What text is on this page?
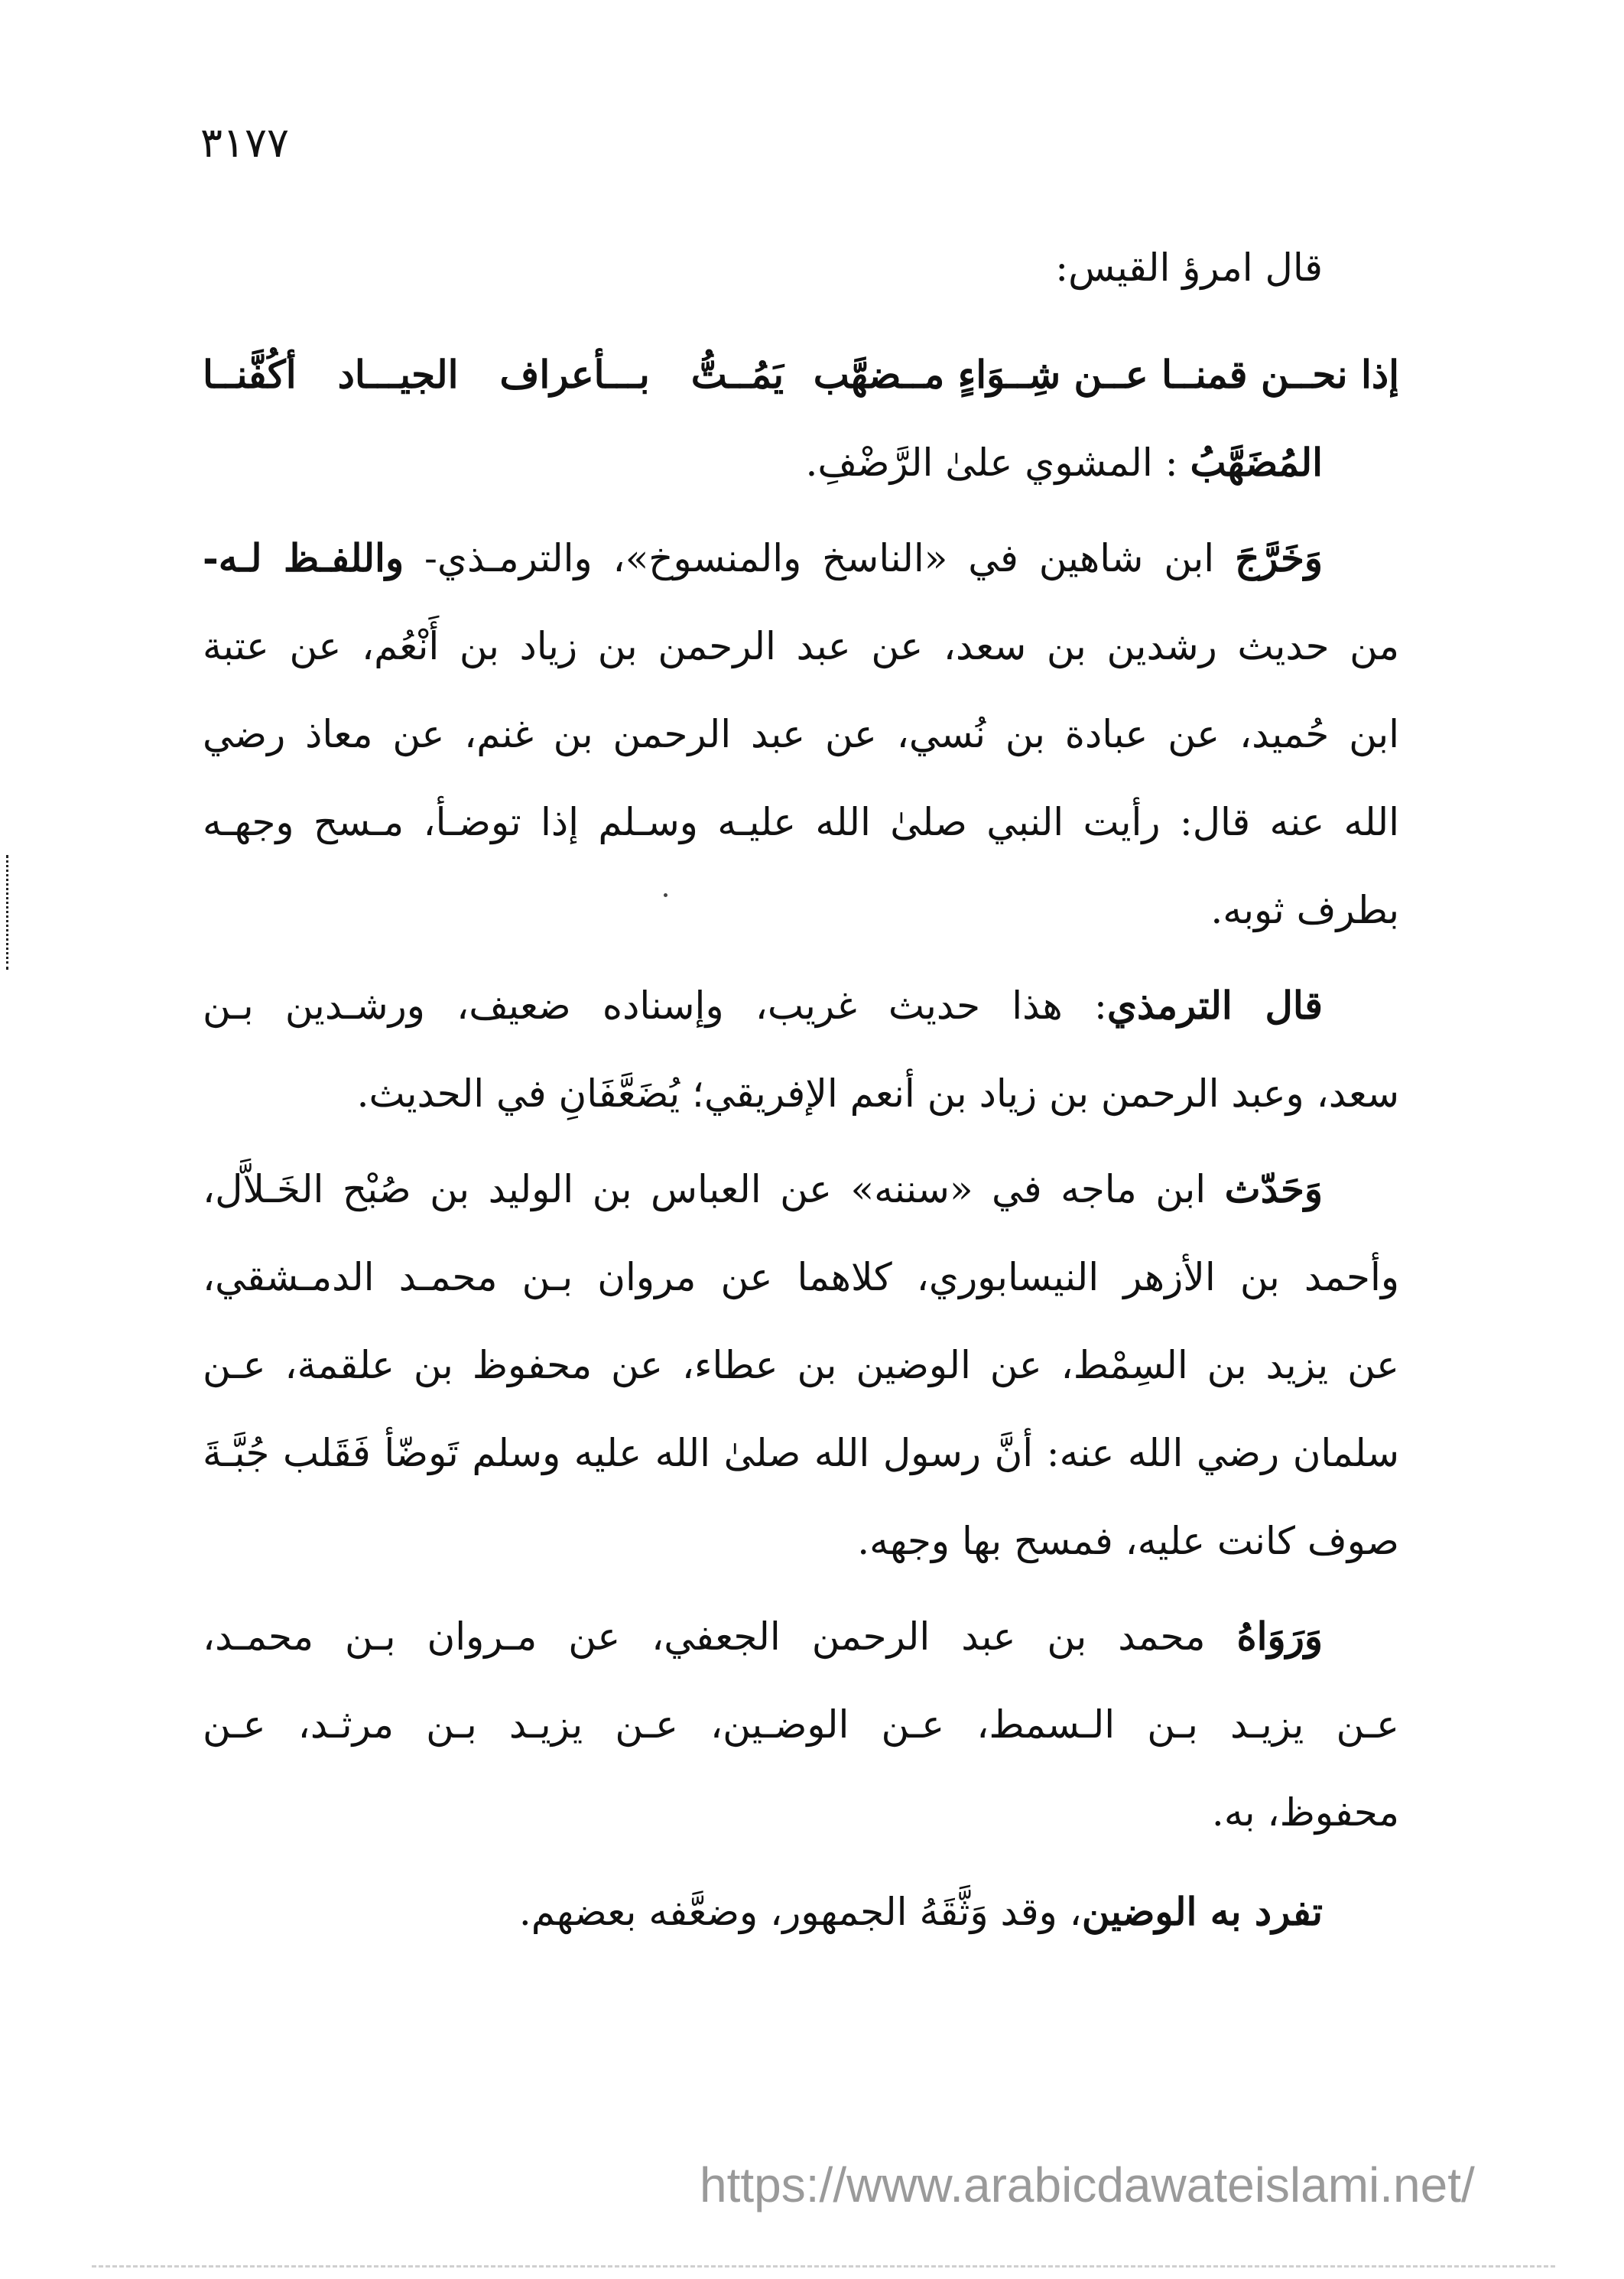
٣١٧٧
قال امرؤ القيس:
إذا نحــن قمنــا عــن شِــوَاءٍ مــضهَّب
يَمُــتُّ بـــأعراف الجيـــاد أكُفَّنــا
المُضَهَّبُ : المشوي علىٰ الرَّضْفِ.
وَخَرَّجَ ابن شاهين في «الناسخ والمنسوخ»، والترمـذي- واللفـظ لـه-
من حديث رشدين بن سعد، عن عبد الرحمن بن زياد بن أَنْعُم، عن عتبة
ابن حُميد، عن عبادة بن نُسي، عن عبد الرحمن بن غنم، عن معاذ رضي
الله عنه قال: رأيت النبي صلىٰ الله عليـه وسـلم إذا توضـأ، مـسح وجهـه
بطرف ثوبه.
قال الترمذي: هذا حديث غريب، وإسناده ضعيف، ورشـدين بـن
سعد، وعبد الرحمن بن زياد بن أنعم الإفريقي؛ يُضَعَّفَانِ في الحديث.
وَحَدّث ابن ماجه في «سننه» عن العباس بن الوليد بن صُبْح الخَـلاَّل،
وأحمد بن الأزهر النيسابوري، كلاهما عن مروان بـن محمـد الدمـشقي،
عن يزيد بن السِمْط، عن الوضين بن عطاء، عن محفوظ بن علقمة، عـن
سلمان رضي الله عنه: أنَّ رسول الله صلىٰ الله عليه وسلم تَوضّأ فَقَلب جُبَّـةَ
صوف كانت عليه، فمسح بها وجهه.
وَرَوَاهُ محمد بن عبد الرحمن الجعفي، عن مـروان بـن محمـد،
عـن يزيـد بـن الـسمط، عـن الوضـين، عـن يزيـد بـن مرثـد، عـن
محفوظ، به.
تفرد به الوضين، وقد وَثَّقَهُ الجمهور، وضعَّفه بعضهم.
https://www.arabicdawateislami.net/
